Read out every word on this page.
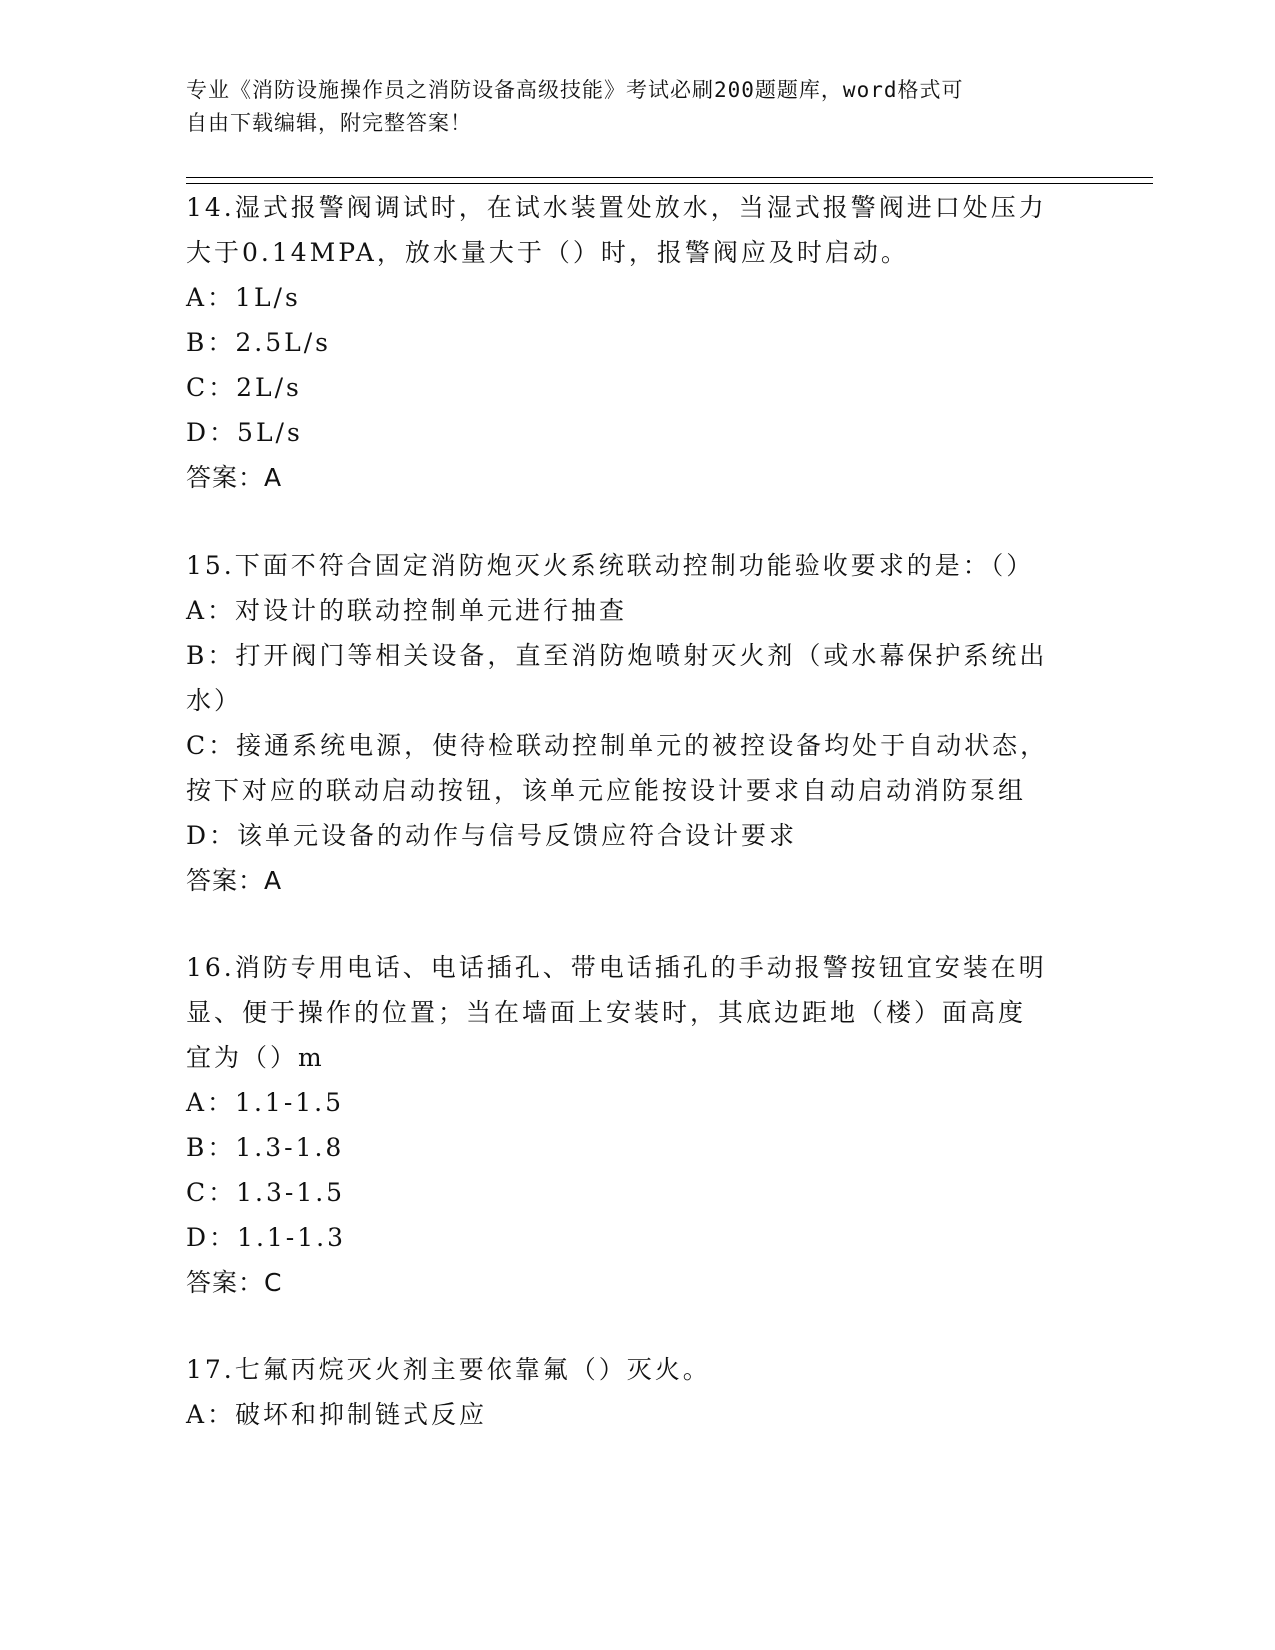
专业《消防设施操作员之消防设备高级技能》考试必刷200题题库，word格式可
自由下载编辑，附完整答案！
14.湿式报警阀调试时，在试水装置处放水，当湿式报警阀进口处压力
大于0.14MPA，放水量大于（）时，报警阀应及时启动。
A：1L/s
B：2.5L/s
C：2L/s
D：5L/s
答案：A
15.下面不符合固定消防炮灭火系统联动控制功能验收要求的是：（）
A：对设计的联动控制单元进行抽查
B：打开阀门等相关设备，直至消防炮喷射灭火剂（或水幕保护系统出
水）
C：接通系统电源，使待检联动控制单元的被控设备均处于自动状态，
按下对应的联动启动按钮，该单元应能按设计要求自动启动消防泵组
D：该单元设备的动作与信号反馈应符合设计要求
答案：A
16.消防专用电话、电话插孔、带电话插孔的手动报警按钮宜安装在明
显、便于操作的位置；当在墙面上安装时，其底边距地（楼）面高度
宜为（）m
A：1.1-1.5
B：1.3-1.8
C：1.3-1.5
D：1.1-1.3
答案：C
17.七氟丙烷灭火剂主要依靠氟（）灭火。
A：破坏和抑制链式反应
